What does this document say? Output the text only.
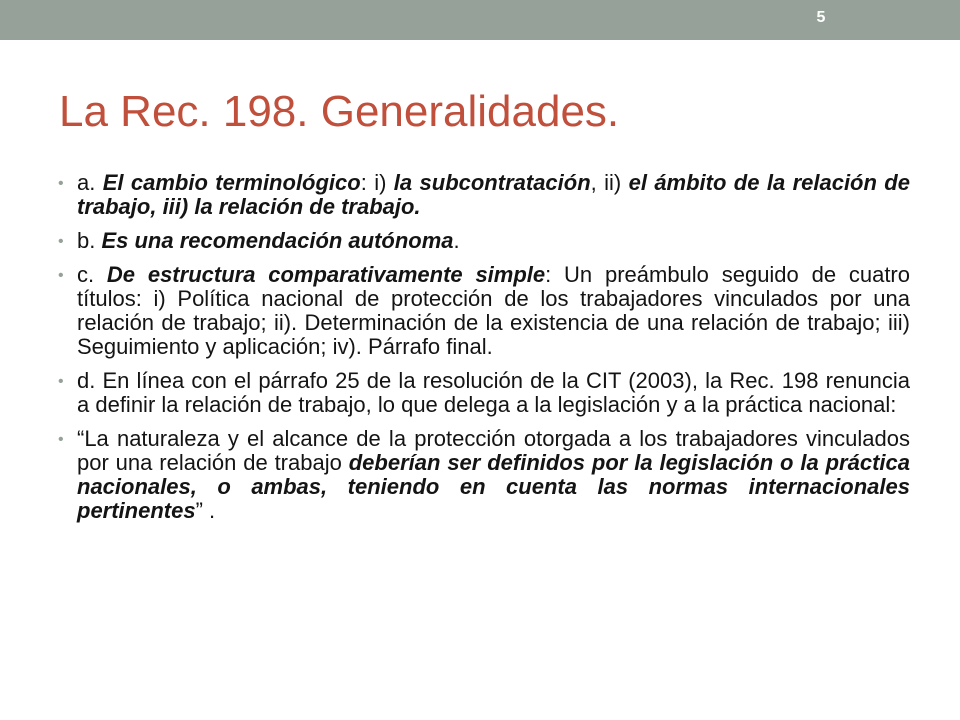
5
La Rec. 198. Generalidades.
• a. El cambio terminológico: i) la subcontratación, ii) el ámbito de la relación de trabajo, iii) la relación de trabajo.
• b. Es una recomendación autónoma.
• c. De estructura comparativamente simple: Un preámbulo seguido de cuatro títulos: i) Política nacional de protección de los trabajadores vinculados por una relación de trabajo; ii). Determinación de la existencia de una relación de trabajo; iii) Seguimiento y aplicación; iv). Párrafo final.
• d. En línea con el párrafo 25 de la resolución de la CIT (2003), la Rec. 198 renuncia a definir la relación de trabajo, lo que delega a la legislación y a la práctica nacional:
• “La naturaleza y el alcance de la protección otorgada a los trabajadores vinculados por una relación de trabajo deberían ser definidos por la legislación o la práctica nacionales, o ambas, teniendo en cuenta las normas internacionales pertinentes” .
